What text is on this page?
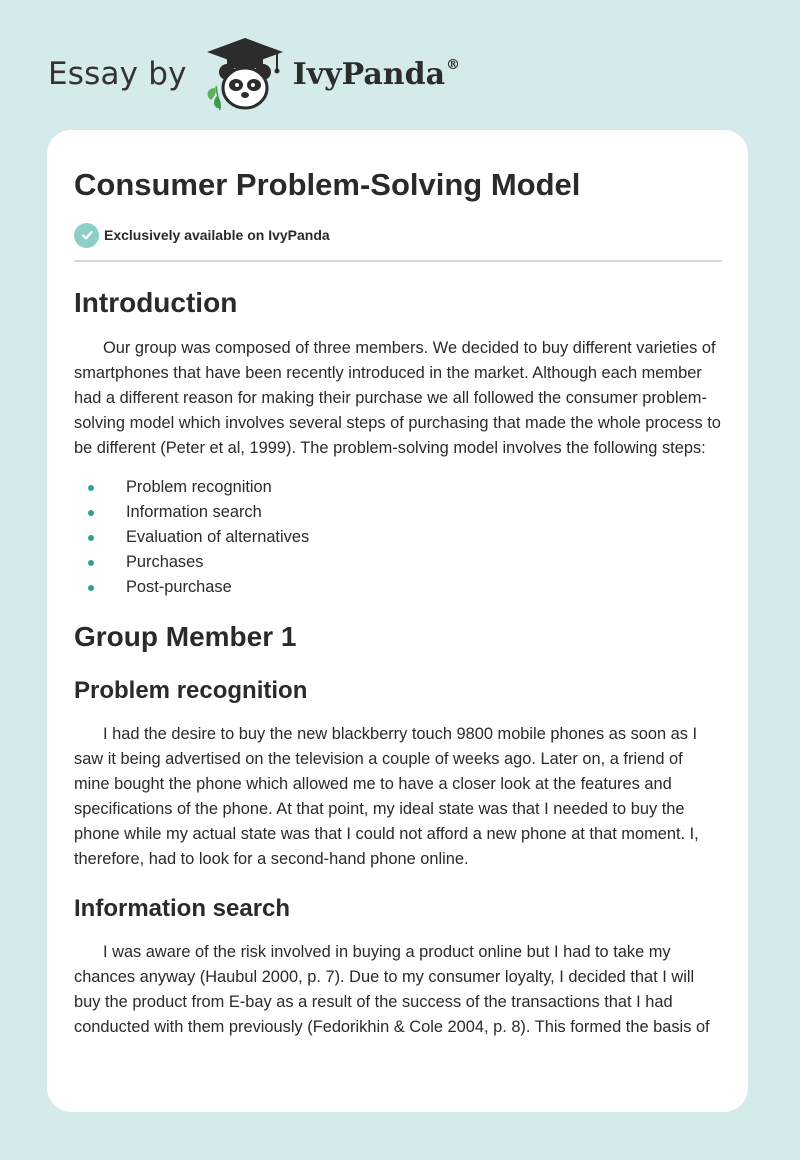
Essay by	IvyPanda®
Consumer Problem-Solving Model
Exclusively available on IvyPanda
Introduction

Our group was composed of three members. We decided to buy different varieties of smartphones that have been recently introduced in the market. Although each member had a different reason for making their purchase we all followed the consumer problem-solving model which involves several steps of purchasing that made the whole process to be different (Peter et al, 1999). The problem-solving model involves the following steps:

Problem recognition
Information search
Evaluation of alternatives
Purchases
Post-purchase
Group Member 1
Problem recognition

I had the desire to buy the new blackberry touch 9800 mobile phones as soon as I saw it being advertised on the television a couple of weeks ago. Later on, a friend of mine bought the phone which allowed me to have a closer look at the features and specifications of the phone. At that point, my ideal state was that I needed to buy the phone while my actual state was that I could not afford a new phone at that moment. I, therefore, had to look for a second-hand phone online.

Information search

I was aware of the risk involved in buying a product online but I had to take my chances anyway (Haubul 2000, p. 7). Due to my consumer loyalty, I decided that I will buy the product from E-bay as a result of the success of the transactions that I had conducted with them previously (Fedorikhin & Cole 2004, p. 8). This formed the basis of
